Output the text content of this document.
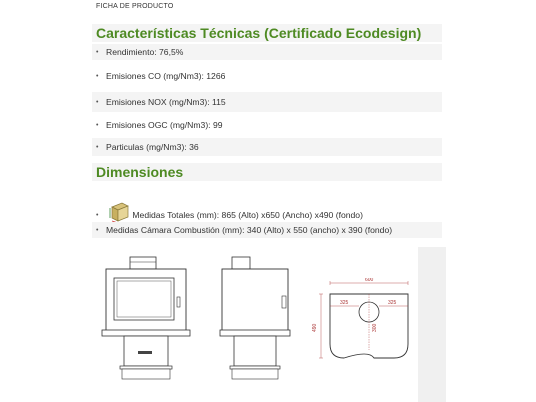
FICHA DE PRODUCTO
Características Técnicas (Certificado Ecodesign)
• Rendimiento: 76,5%
• Emisiones CO (mg/Nm3): 1266
• Emisiones NOX (mg/Nm3): 115
• Emisiones OGC (mg/Nm3): 99
• Particulas (mg/Nm3): 36
Dimensiones
•	Medidas Totales (mm): 865 (Alto) x650 (Ancho) x490 (fondo)
• Medidas Cámara Combustión (mm): 340 (Alto) x 550 (ancho) x 390 (fondo)
600
325	325
490	300
